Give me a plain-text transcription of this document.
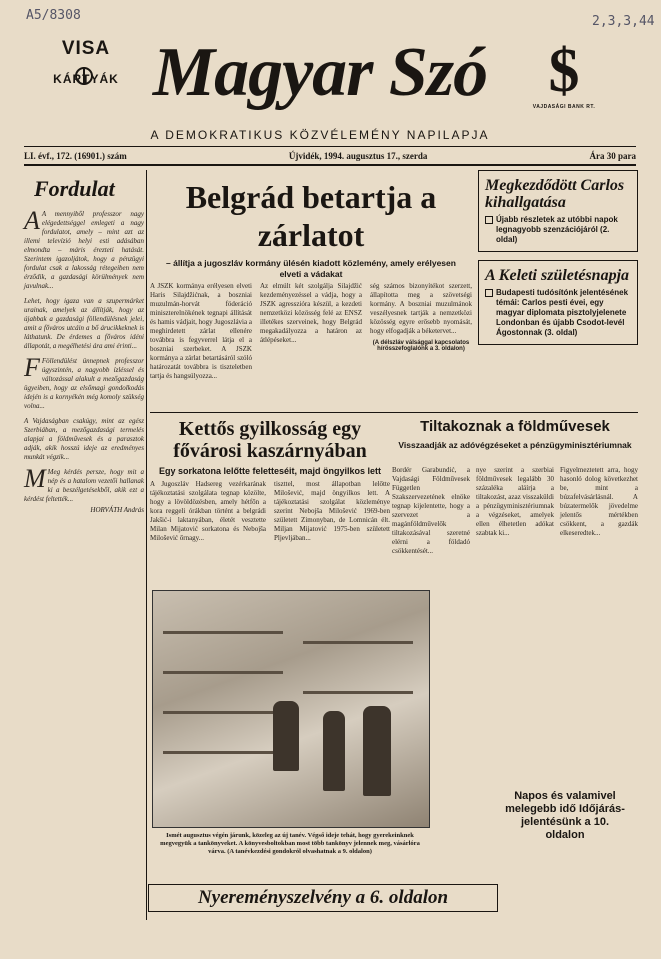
A5/8308	2,3,3,44
VISA
KÁRTYÁK Magyar Szó
A DEMOKRATIKUS KÖZVÉLEMÉNY NAPILAPJA
$
VAJDASÁGI BANK RT.
LI. évf., 172. (16901.) szám	Újvidék, 1994. augusztus 17., szerda	Ára 30 para
Fordulat
A A mennyiből professzor nagy elégedettséggel emlegeti a nagy fordulatot, amely – mint azt az illemi televízió helyi esti adásában elmondta – máris érezteti hatását. Szerintem igazoljátok, hogy a pénzügyi fordulat csak a lakosság rétegeiben nem érződik, a gazdasági körülmények nem javulnak...
Lehet, hogy igaza van a szupermárket urainak, amelyek az állítják, hogy az újabbak a gazdasági föllendülésnek jelei, amit a főváros utcáin a bő árucikkeknek is láthatunk. De érdemes a főváros idéni állapotát, a megélhetési ára ami érinti...
F Föllendülést ünnepnek professzor úgyszintén, a nagyobb ízléssel és változással alakult a mezőgazdaság ügyeiben, hogy az elsőmagi gondolkodás idején is a kornyékén még komoly szükség volna...
A Vajdaságban csakúgy, mint az egész Szerbiában, a mezőgazdasági termelés alapjai a földművesek és a parasztok adják, akik hosszú ideje az eredményes munkát végzik...
M Meg kérdés persze, hogy mit a nép és a hatalom vezetői hallanak ki a beszélgetésekből, akik ezt a kérdést feltették...
HORVÁTH András
Belgrád betartja a zárlatot
– állítja a jugoszláv kormány ülésén kiadott közlemény, amely erélyesen elveti a vádakat
A JSZK kormánya erélyesen elveti Haris Silajdžićnak, a boszniai muzulmán-horvát föderáció miniszterelnökének tegnapi állítását és hamis vádjait, hogy Jugoszlávia a meghirdetett zárlat ellenére továbbra is fegyverrel látja el a boszniai szerbeket. A JSZK kormánya a zárlat betartásáról szóló határozatát továbbra is tiszteletben tartja és hangsúlyozza...
Az elmúlt két szolgálja Silajdžić kezdeményezéssel a vádja, hogy a JSZK agresszióra készül, a kezdeti nemzetközi közösség felé az ENSZ illetékes szerveinek, hogy Belgrád megakadályozza a határon az átlépéseket...
ség számos bizonyítékot szerzett, állapította meg a szövetségi kormány. A boszniai muzulmánok veszélyesnek tartják a nemzetközi közösség egyre erősebb nyomását, hogy elfogadják a béketervet...
(A délszláv válsággal kapcsolatos hírösszefoglalónk a 3. oldalon)
Megkezdődött Carlos kihallgatása
Újabb részletek az utóbbi napok legnagyobb szenzációjáról (2. oldal)
A Keleti születésnapja
Budapesti tudósítónk jelentésének témái: Carlos pesti évei, egy magyar diplomata pisztolyjelenete Londonban és újabb Csodot-levél Ágostonnak (3. oldal)
Kettős gyilkosság egy fővárosi kaszárnyában
Egy sorkatona lelőtte feletteséit, majd öngyilkos lett
A Jugoszláv Hadsereg vezérkarának tájékoztatási szolgálata tegnap közölte, hogy a lövöldözésben, amely hétfőn a kora reggeli órákban történt a belgrádi Jakšić-i laktanyában, életét vesztette Milan Mijatović sorkatona és Nebojša Milošević őrnagy...
tiszttel, most állapotban lelőtte Milošević, majd öngyilkos lett. A tájékoztatási szolgálat közleménye szerint Nebojša Milošević 1969-ben született Zimonyban, de Lomnicán élt. Miljan Mijatović 1975-ben született Pljevljában...
Tiltakoznak a földművesek
Visszaadják az adóvégzéseket a pénzügyminisztériumnak
Bordér Garabundić, a Vajdasági Földművesek Független Szakszervezetének elnöke tegnap kijelentette, hogy a szervezet a magánföldművelők tiltakozásával szeretné elérni a földadó csökkentését...
nye szerint a szerbiai földművesek legalább 30 százaléka aláírja a tiltakozást, azaz visszaküldi a pénzügyminisztériumnak a végzéseket, amelyek ellen élhetetlen adókat szabtak ki...
Figyelmeztetett arra, hogy hasonló dolog következhet be, mint a búzafelvásárlásnál. A búzatermelők jövedelme jelentős mértékben csökkent, a gazdák elkeseredtek...
Ismét augusztus végén járunk, közeleg az új tanév. Végső ideje tehát, hogy gyerekeinknek megvegyük a tankönyveket. A könyvesboltokban most több tankönyv jelennek meg, vásárlóra várva. (A tanévkezdési gondokról olvashatnak a 9. oldalon)
Napos és valamivel melegebb idő Időjárás-jelentésünk a 10. oldalon
Nyereményszelvény a 6. oldalon
